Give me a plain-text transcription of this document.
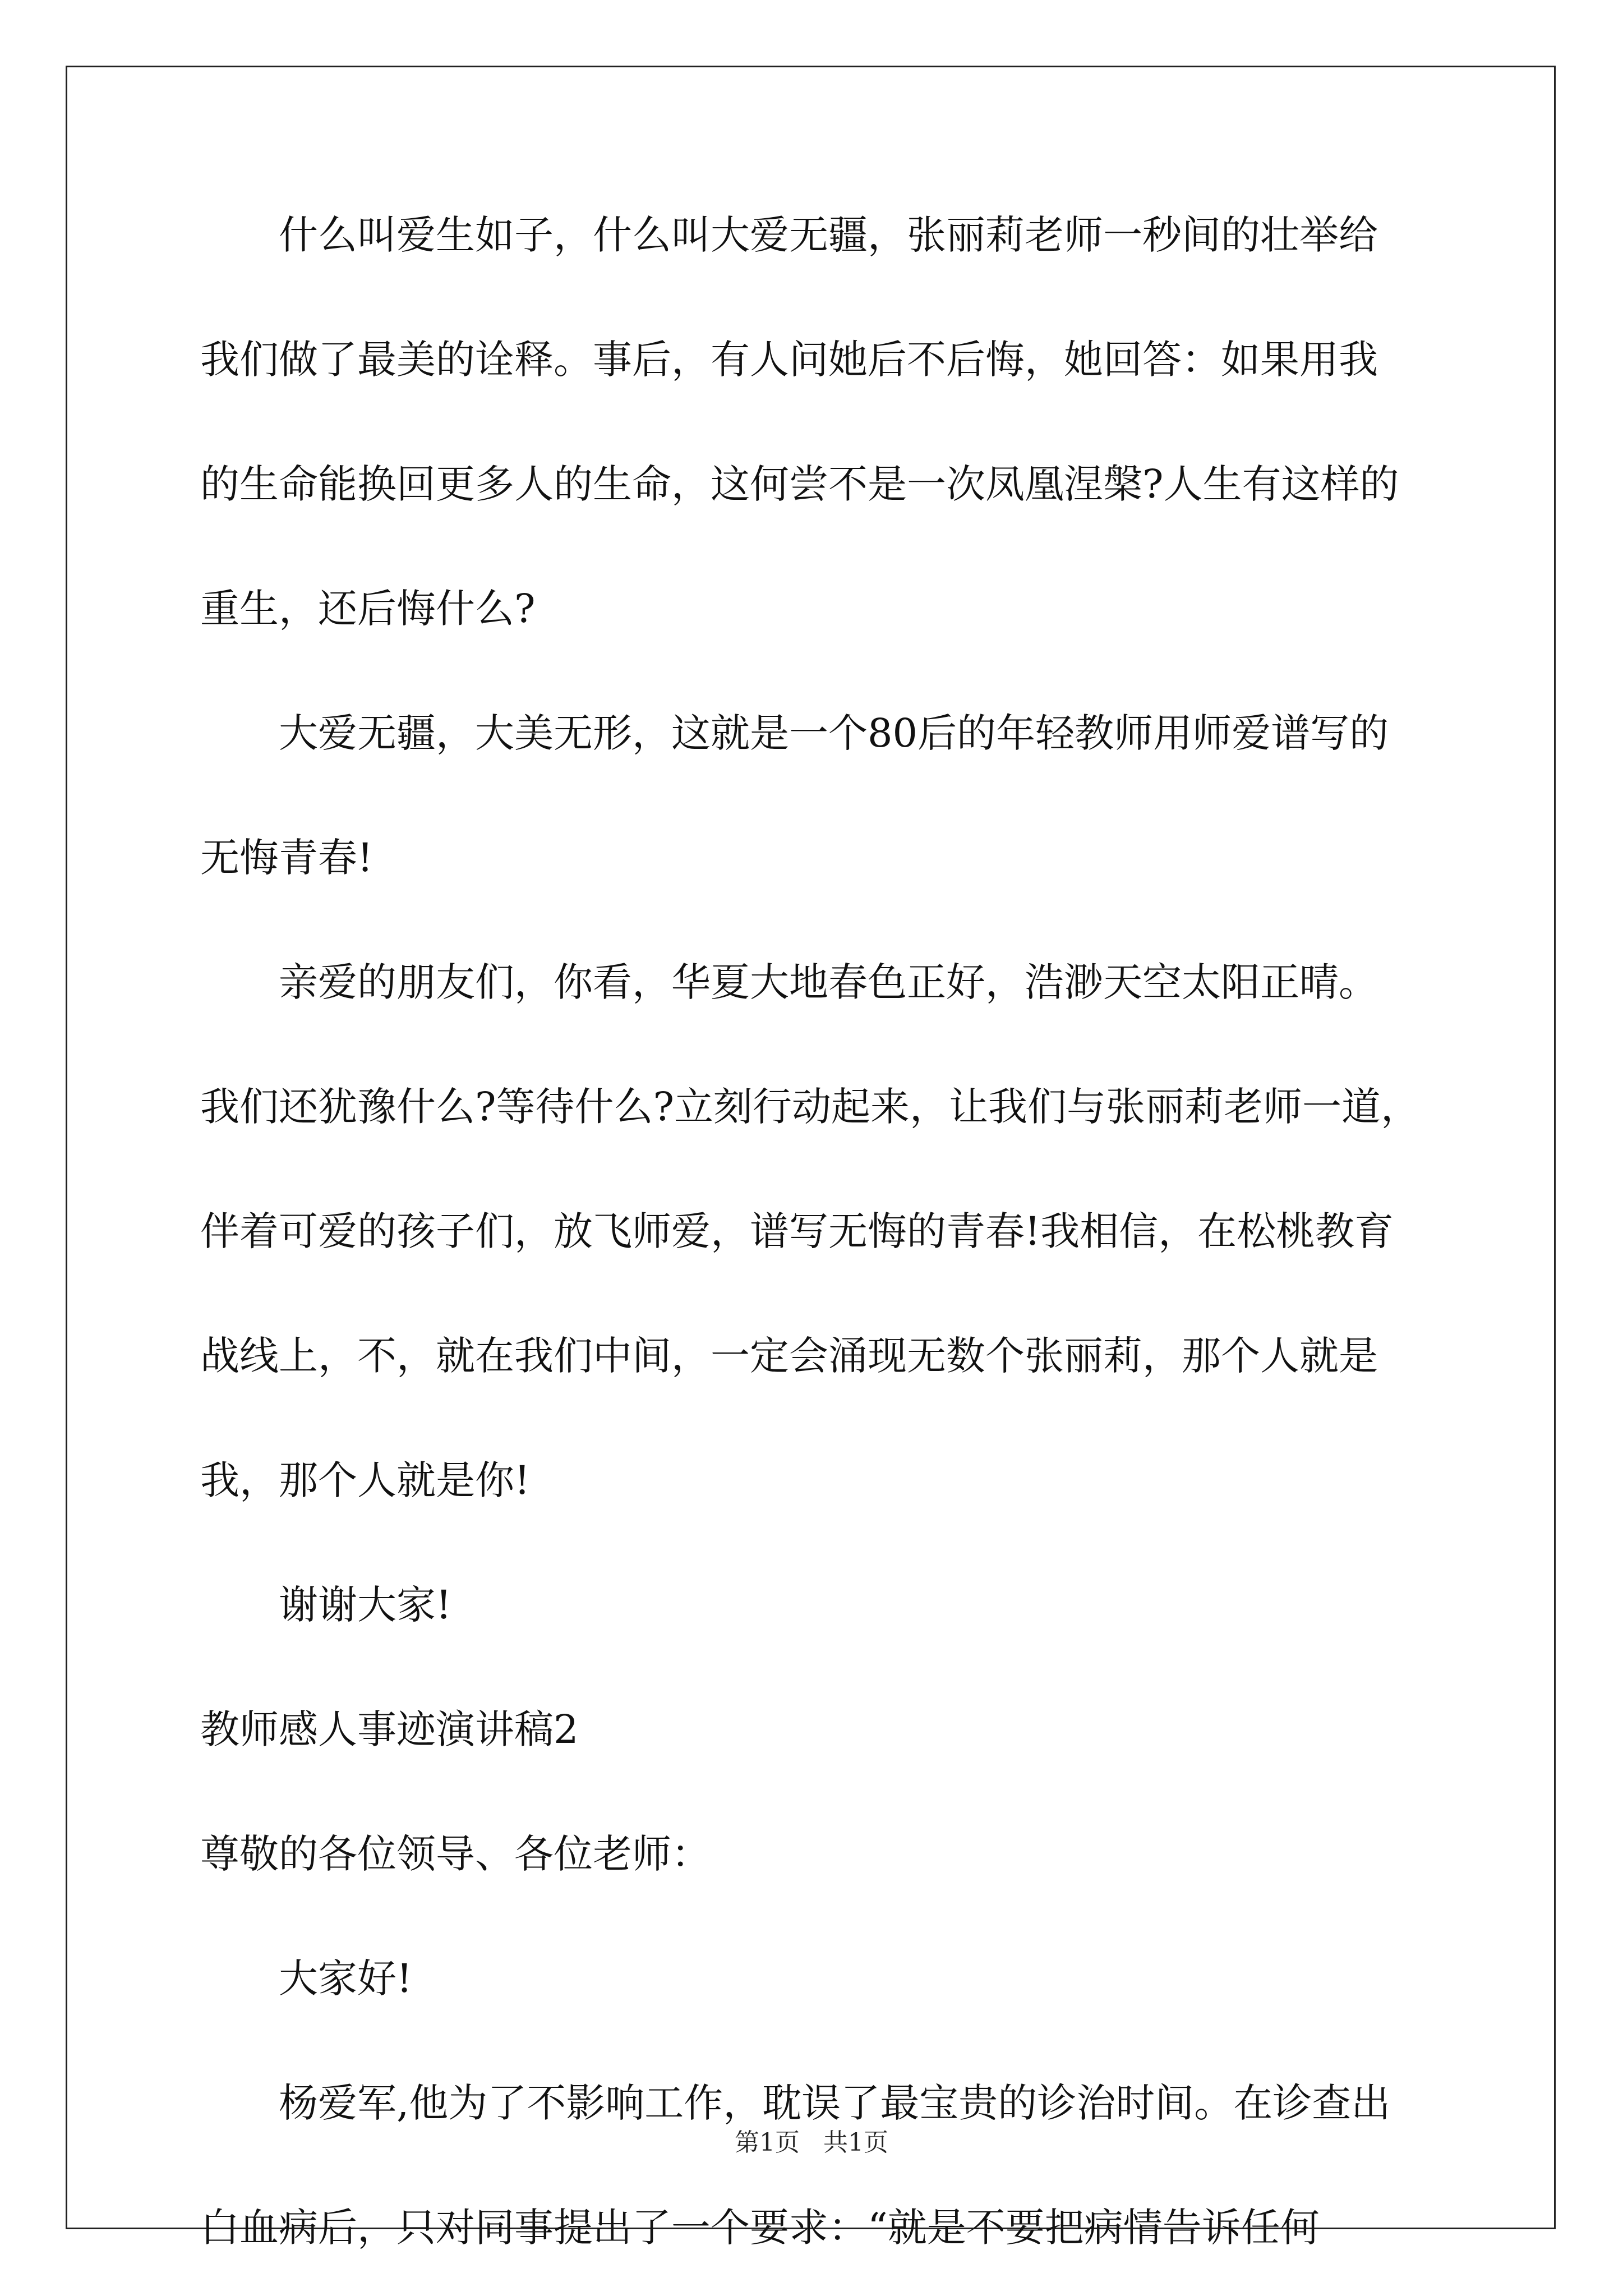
　　什么叫爱生如子，什么叫大爱无疆，张丽莉老师一秒间的壮举给

我们做了最美的诠释。事后，有人问她后不后悔，她回答：如果用我

的生命能换回更多人的生命，这何尝不是一次凤凰涅槃?人生有这样的

重生，还后悔什么?

　　大爱无疆，大美无形，这就是一个80后的年轻教师用师爱谱写的

无悔青春!

　　亲爱的朋友们，你看，华夏大地春色正好，浩渺天空太阳正晴。

我们还犹豫什么?等待什么?立刻行动起来，让我们与张丽莉老师一道，

伴着可爱的孩子们，放飞师爱，谱写无悔的青春!我相信，在松桃教育

战线上，不，就在我们中间，一定会涌现无数个张丽莉，那个人就是

我，那个人就是你!

　　谢谢大家!

教师感人事迹演讲稿2

尊敬的各位领导、各位老师：

　　大家好!

　　杨爱军,他为了不影响工作，耽误了最宝贵的诊治时间。在诊查出

白血病后，只对同事提出了一个要求：“就是不要把病情告诉任何

第1页   共1页
